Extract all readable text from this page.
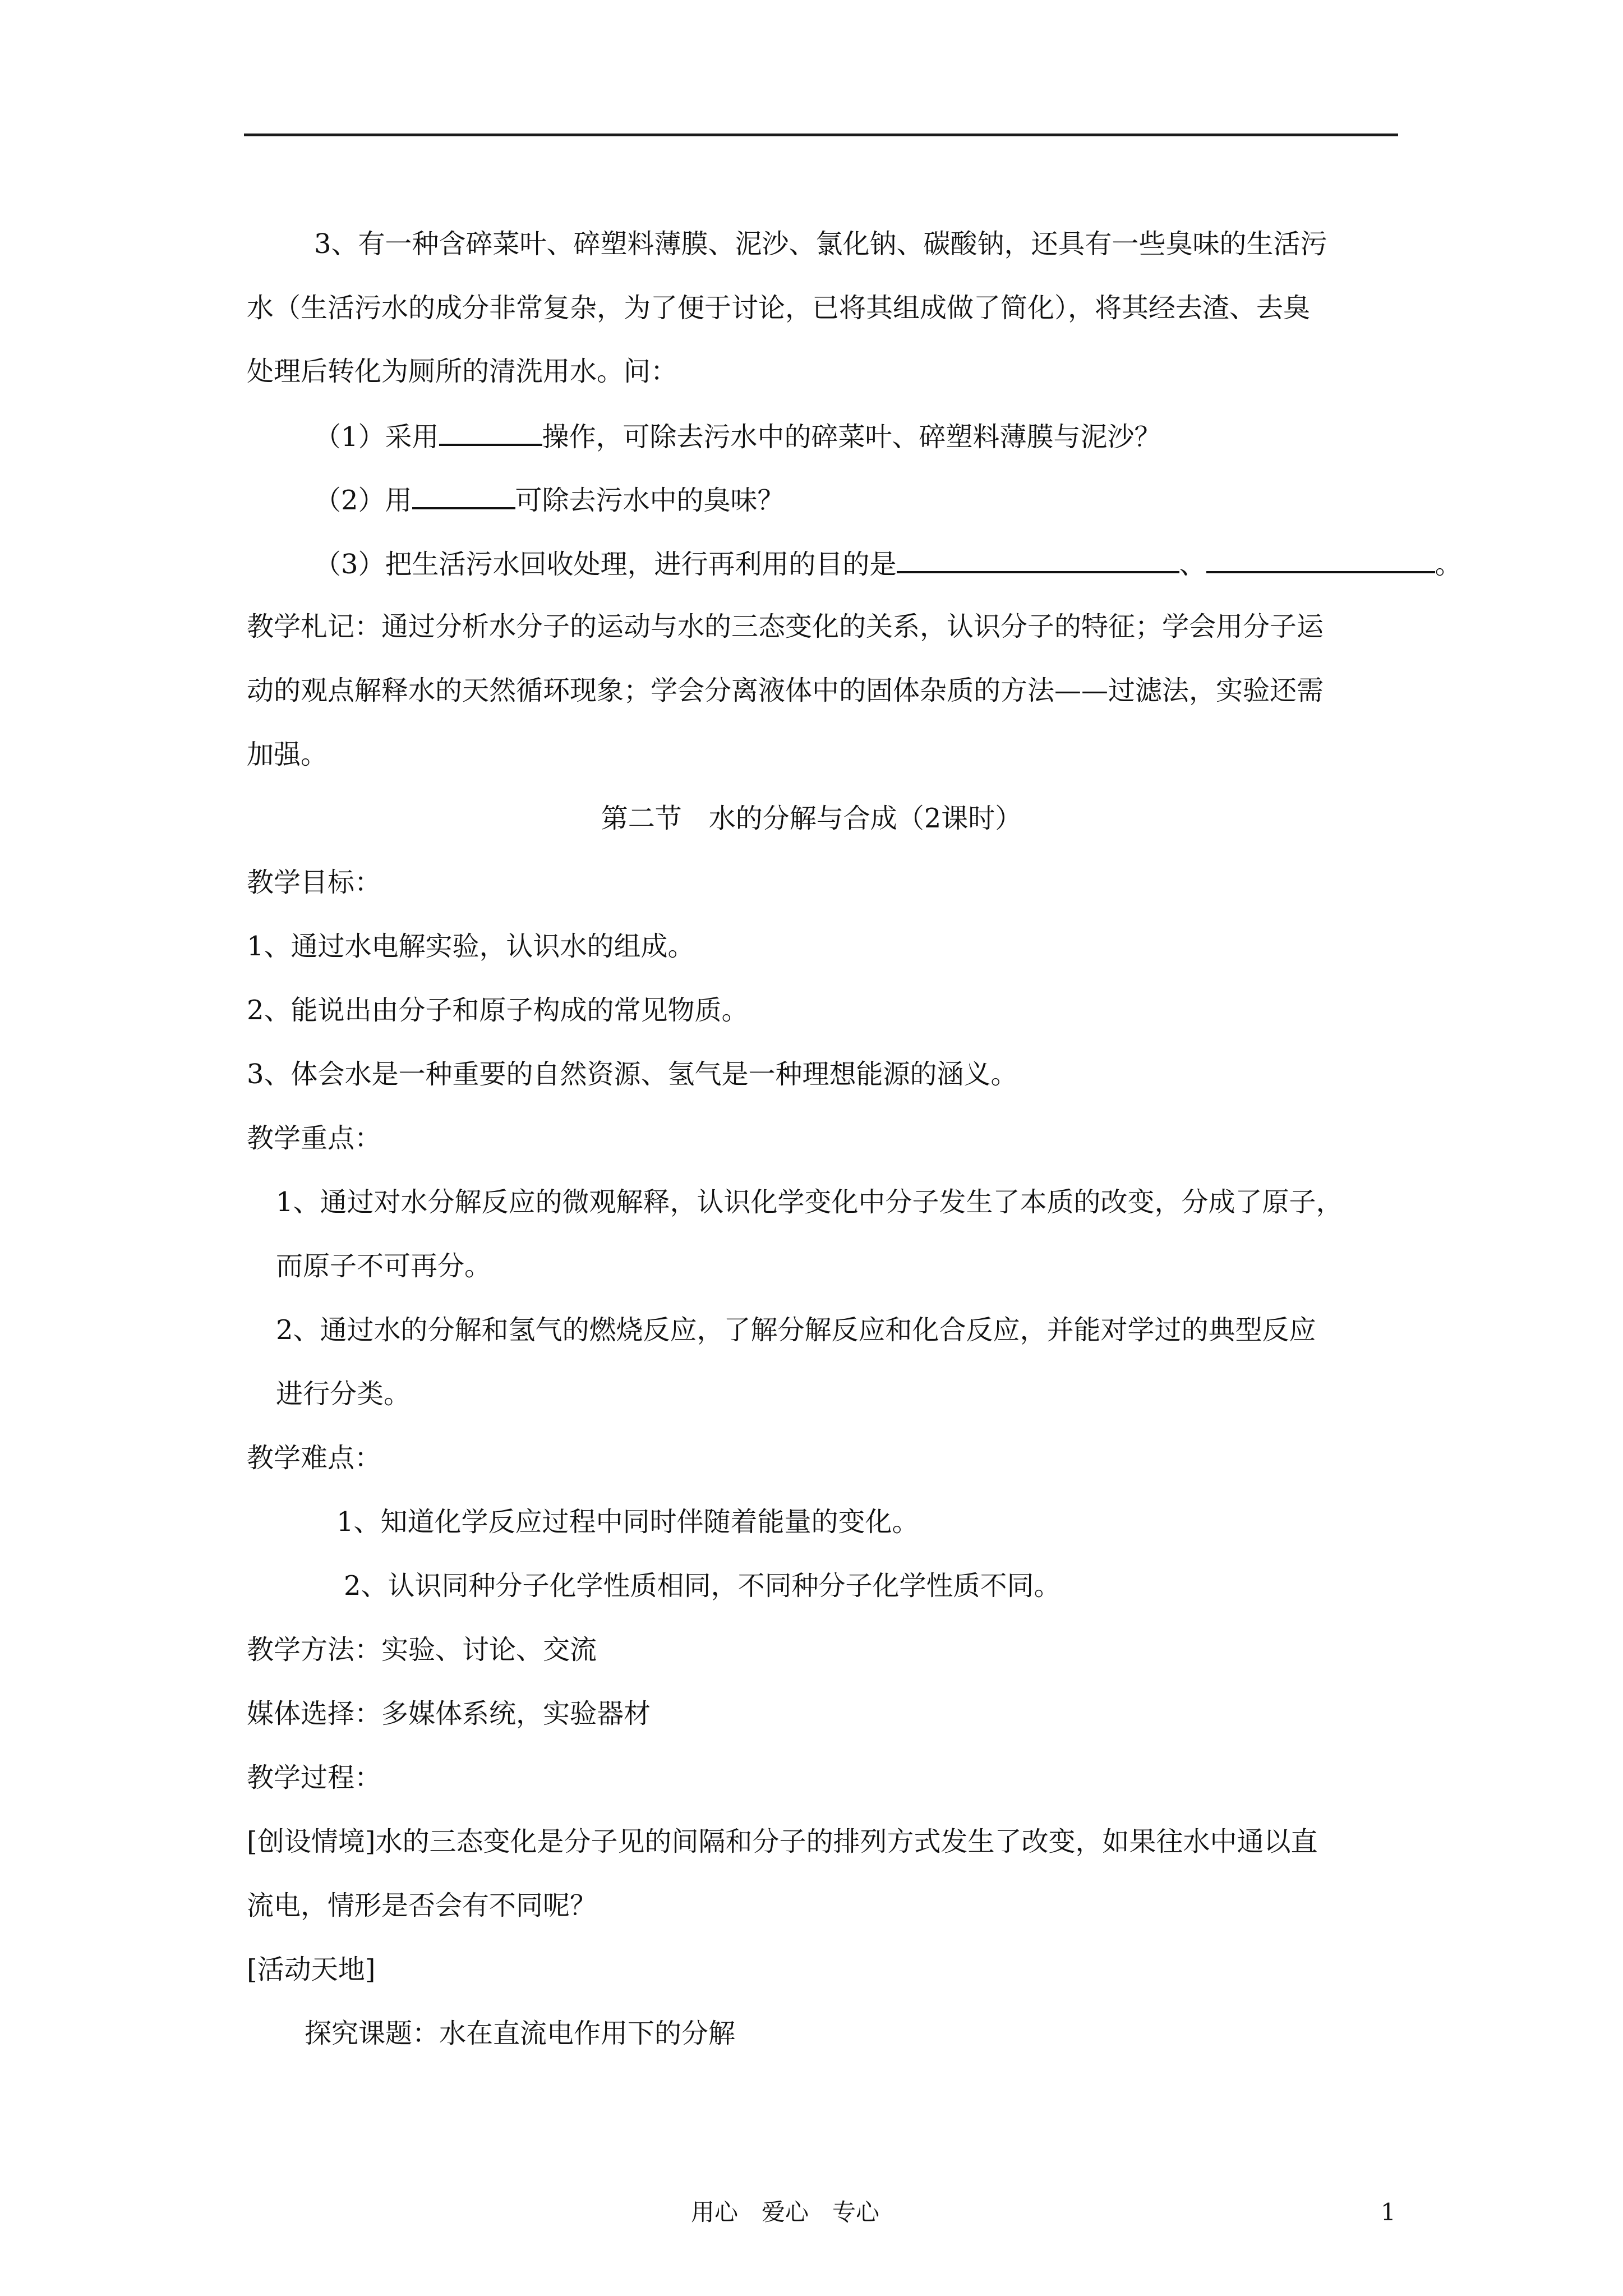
3、有一种含碎菜叶、碎塑料薄膜、泥沙、氯化钠、碳酸钠，还具有一些臭味的生活污
水（生活污水的成分非常复杂，为了便于讨论，已将其组成做了简化），将其经去渣、去臭
处理后转化为厕所的清洗用水。问：
（1）采用	操作，可除去污水中的碎菜叶、碎塑料薄膜与泥沙？
（2）用	可除去污水中的臭味？
（3）把生活污水回收处理，进行再利用的目的是	、	。
教学札记：通过分析水分子的运动与水的三态变化的关系，认识分子的特征；学会用分子运
动的观点解释水的天然循环现象；学会分离液体中的固体杂质的方法——过滤法，实验还需
加强。
第二节　水的分解与合成（2课时）
教学目标：
1、通过水电解实验，认识水的组成。
2、能说出由分子和原子构成的常见物质。
3、体会水是一种重要的自然资源、氢气是一种理想能源的涵义。
教学重点：
1、通过对水分解反应的微观解释，认识化学变化中分子发生了本质的改变，分成了原子，
而原子不可再分。
2、通过水的分解和氢气的燃烧反应，了解分解反应和化合反应，并能对学过的典型反应
进行分类。
教学难点：
1、知道化学反应过程中同时伴随着能量的变化。
2、认识同种分子化学性质相同，不同种分子化学性质不同。
教学方法：实验、讨论、交流
媒体选择：多媒体系统，实验器材
教学过程：
[创设情境]水的三态变化是分子见的间隔和分子的排列方式发生了改变，如果往水中通以直
流电，情形是否会有不同呢？
[活动天地]
探究课题：水在直流电作用下的分解
用心　爱心　专心	1
